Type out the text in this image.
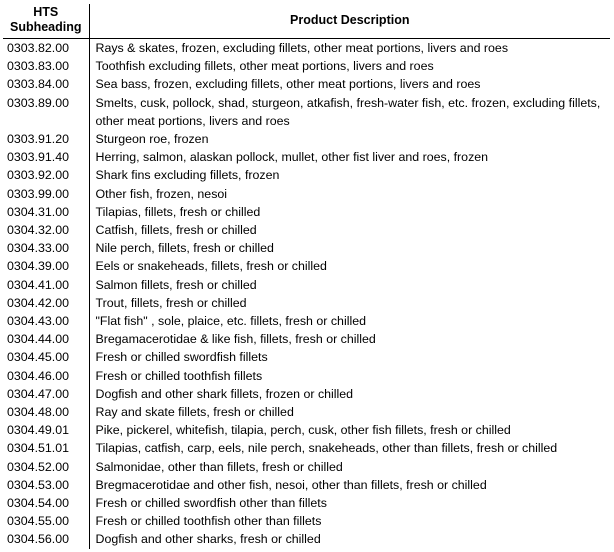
HTS
Subheading	Product Description
0303.82.00	Rays & skates, frozen, excluding fillets, other meat portions, livers and roes
0303.83.00	Toothfish excluding fillets, other meat portions, livers and roes
0303.84.00	Sea bass, frozen, excluding fillets, other meat portions, livers and roes
0303.89.00	Smelts, cusk, pollock, shad, sturgeon, atkafish, fresh-water fish, etc. frozen, excluding fillets, other meat portions, livers and roes
0303.91.20	Sturgeon roe, frozen
0303.91.40	Herring, salmon, alaskan pollock, mullet, other fist liver and roes, frozen
0303.92.00	Shark fins excluding fillets, frozen
0303.99.00	Other fish, frozen, nesoi
0304.31.00	Tilapias, fillets, fresh or chilled
0304.32.00	Catfish, fillets, fresh or chilled
0304.33.00	Nile perch, fillets, fresh or chilled
0304.39.00	Eels or snakeheads, fillets, fresh or chilled
0304.41.00	Salmon fillets, fresh or chilled
0304.42.00	Trout, fillets, fresh or chilled
0304.43.00	"Flat fish" , sole, plaice, etc. fillets, fresh or chilled
0304.44.00	Bregamacerotidae & like fish, fillets, fresh or chilled
0304.45.00	Fresh or chilled swordfish fillets
0304.46.00	Fresh or chilled toothfish fillets
0304.47.00	Dogfish and other shark fillets, frozen or chilled
0304.48.00	Ray and skate fillets, fresh or chilled
0304.49.01	Pike, pickerel, whitefish, tilapia, perch, cusk, other fish fillets, fresh or chilled
0304.51.01	Tilapias, catfish, carp, eels, nile perch, snakeheads, other than fillets, fresh or chilled
0304.52.00	Salmonidae, other than fillets, fresh or chilled
0304.53.00	Bregmacerotidae and other fish, nesoi, other than fillets, fresh or chilled
0304.54.00	Fresh or chilled swordfish other than fillets
0304.55.00	Fresh or chilled toothfish other than fillets
0304.56.00	Dogfish and other sharks, fresh or chilled
